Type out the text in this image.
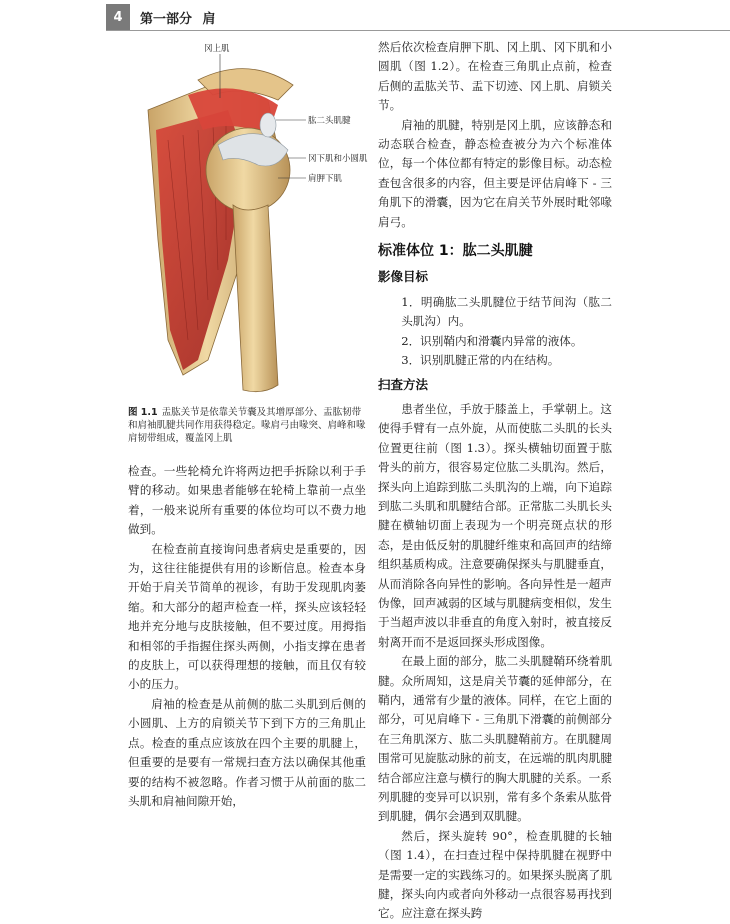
4	第一部分 肩
冈上肌
肱二头肌腱
冈下肌和小圆肌
肩胛下肌
图 1.1 盂肱关节是依靠关节囊及其增厚部分、盂肱韧带和肩袖肌腱共同作用获得稳定。喙肩弓由喙突、肩峰和喙肩韧带组成，覆盖冈上肌

检查。一些轮椅允许将两边把手拆除以利于手臂的移动。如果患者能够在轮椅上靠前一点坐着，一般来说所有重要的体位均可以不费力地做到。

在检查前直接询问患者病史是重要的，因为，这往往能提供有用的诊断信息。检查本身开始于肩关节简单的视诊，有助于发现肌肉萎缩。和大部分的超声检查一样，探头应该轻轻地并充分地与皮肤接触，但不要过度。用拇指和相邻的手指握住探头两侧，小指支撑在患者的皮肤上，可以获得理想的接触，而且仅有较小的压力。

肩袖的检查是从前侧的肱二头肌到后侧的小圆肌、上方的肩锁关节下到下方的三角肌止点。检查的重点应该放在四个主要的肌腱上，但重要的是要有一常规扫查方法以确保其他重要的结构不被忽略。作者习惯于从前面的肱二头肌和肩袖间隙开始，

然后依次检查肩胛下肌、冈上肌、冈下肌和小圆肌（图 1.2）。在检查三角肌止点前，检查后侧的盂肱关节、盂下切迹、冈上肌、肩锁关节。

肩袖的肌腱，特别是冈上肌，应该静态和动态联合检查，静态检查被分为六个标准体位，每一个体位都有特定的影像目标。动态检查包含很多的内容，但主要是评估肩峰下 - 三角肌下的滑囊，因为它在肩关节外展时毗邻喙肩弓。

标准体位 1：肱二头肌腱
影像目标
1．明确肱二头肌腱位于结节间沟（肱二头肌沟）内。
2．识别鞘内和滑囊内异常的液体。
3．识别肌腱正常的内在结构。
扫查方法

患者坐位，手放于膝盖上，手掌朝上。这使得手臂有一点外旋，从而使肱二头肌的长头位置更往前（图 1.3）。探头横轴切面置于肱骨头的前方，很容易定位肱二头肌沟。然后，探头向上追踪到肱二头肌沟的上端，向下追踪到肱二头肌和肌腱结合部。正常肱二头肌长头腱在横轴切面上表现为一个明亮斑点状的形态，是由低反射的肌腱纤维束和高回声的结缔组织基质构成。注意要确保探头与肌腱垂直，从而消除各向异性的影响。各向异性是一超声伪像，回声减弱的区域与肌腱病变相似，发生于当超声波以非垂直的角度入射时，被直接反射离开而不是返回探头形成图像。

在最上面的部分，肱二头肌腱鞘环绕着肌腱。众所周知，这是肩关节囊的延伸部分，在鞘内，通常有少量的液体。同样，在它上面的部分，可见肩峰下 - 三角肌下滑囊的前侧部分在三角肌深方、肱二头肌腱鞘前方。在肌腱周围常可见旋肱动脉的前支，在远端的肌肉肌腱结合部应注意与横行的胸大肌腱的关系。一系列肌腱的变异可以识别，常有多个条索从肱骨到肌腱，偶尔会遇到双肌腱。

然后，探头旋转 90°，检查肌腱的长轴（图 1.4），在扫查过程中保持肌腱在视野中是需要一定的实践练习的。如果探头脱离了肌腱，探头向内或者向外移动一点很容易再找到它。应注意在探头跨
